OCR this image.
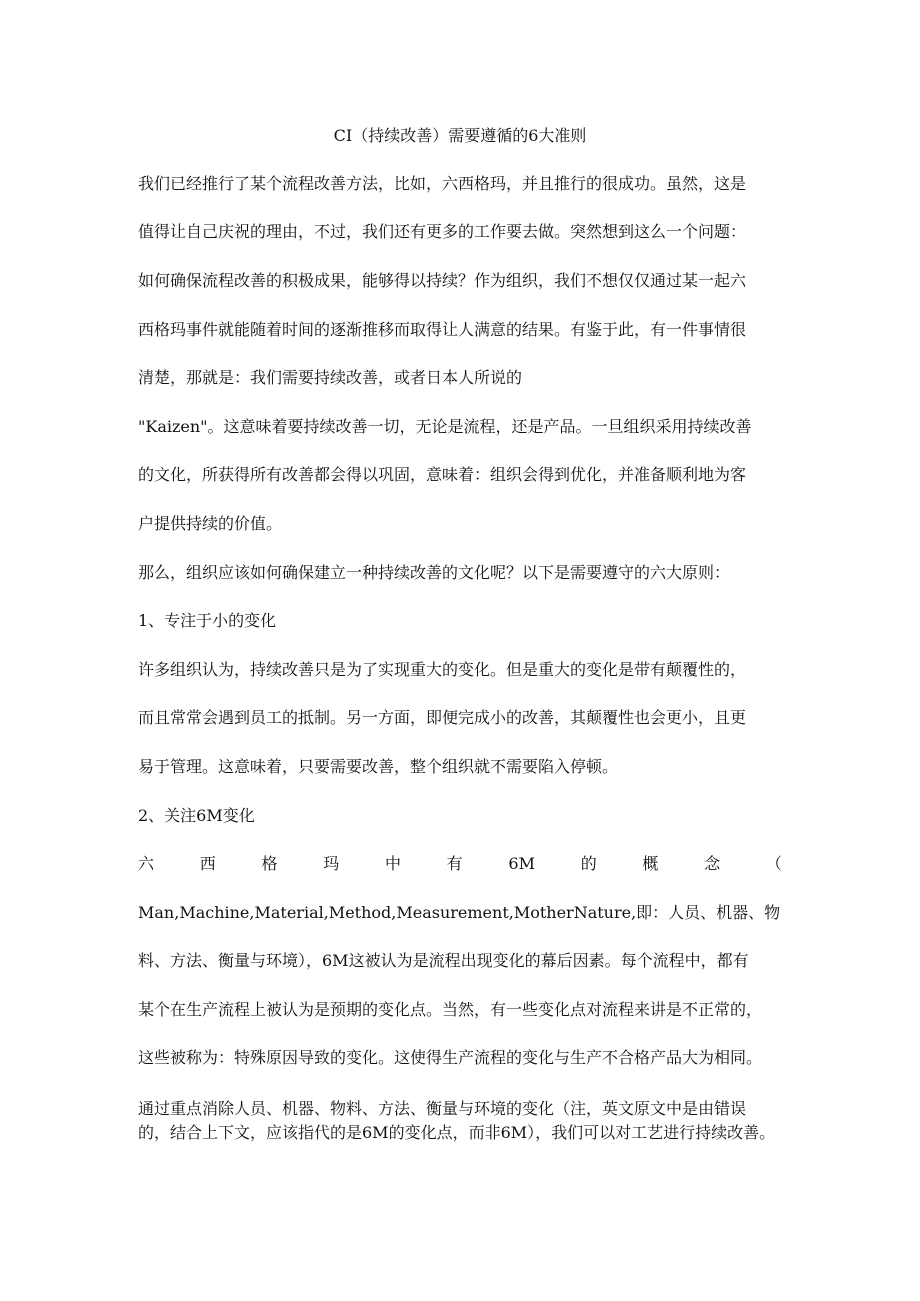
CI（持续改善）需要遵循的6大准则
我们已经推行了某个流程改善方法，比如，六西格玛，并且推行的很成功。虽然，这是
值得让自己庆祝的理由，不过，我们还有更多的工作要去做。突然想到这么一个问题：
如何确保流程改善的积极成果，能够得以持续？作为组织，我们不想仅仅通过某一起六
西格玛事件就能随着时间的逐渐推移而取得让人满意的结果。有鉴于此，有一件事情很
清楚，那就是：我们需要持续改善，或者日本人所说的
"Kaizen"。这意味着要持续改善一切，无论是流程，还是产品。一旦组织采用持续改善
的文化，所获得所有改善都会得以巩固，意味着：组织会得到优化，并准备顺利地为客
户提供持续的价值。
那么，组织应该如何确保建立一种持续改善的文化呢？以下是需要遵守的六大原则：
1、专注于小的变化
许多组织认为，持续改善只是为了实现重大的变化。但是重大的变化是带有颠覆性的，
而且常常会遇到员工的抵制。另一方面，即便完成小的改善，其颠覆性也会更小，且更
易于管理。这意味着，只要需要改善，整个组织就不需要陷入停顿。
2、关注6M变化
六	西	格	玛	中	有	6M	的	概	念	（
Man,Machine,Material,Method,Measurement,MotherNature,即：人员、机器、物
料、方法、衡量与环境），6M这被认为是流程出现变化的幕后因素。每个流程中，都有
某个在生产流程上被认为是预期的变化点。当然，有一些变化点对流程来讲是不正常的，
这些被称为：特殊原因导致的变化。这使得生产流程的变化与生产不合格产品大为相同。
通过重点消除人员、机器、物料、方法、衡量与环境的变化（注，英文原文中是由错误
的，结合上下文，应该指代的是6M的变化点，而非6M），我们可以对工艺进行持续改善。
